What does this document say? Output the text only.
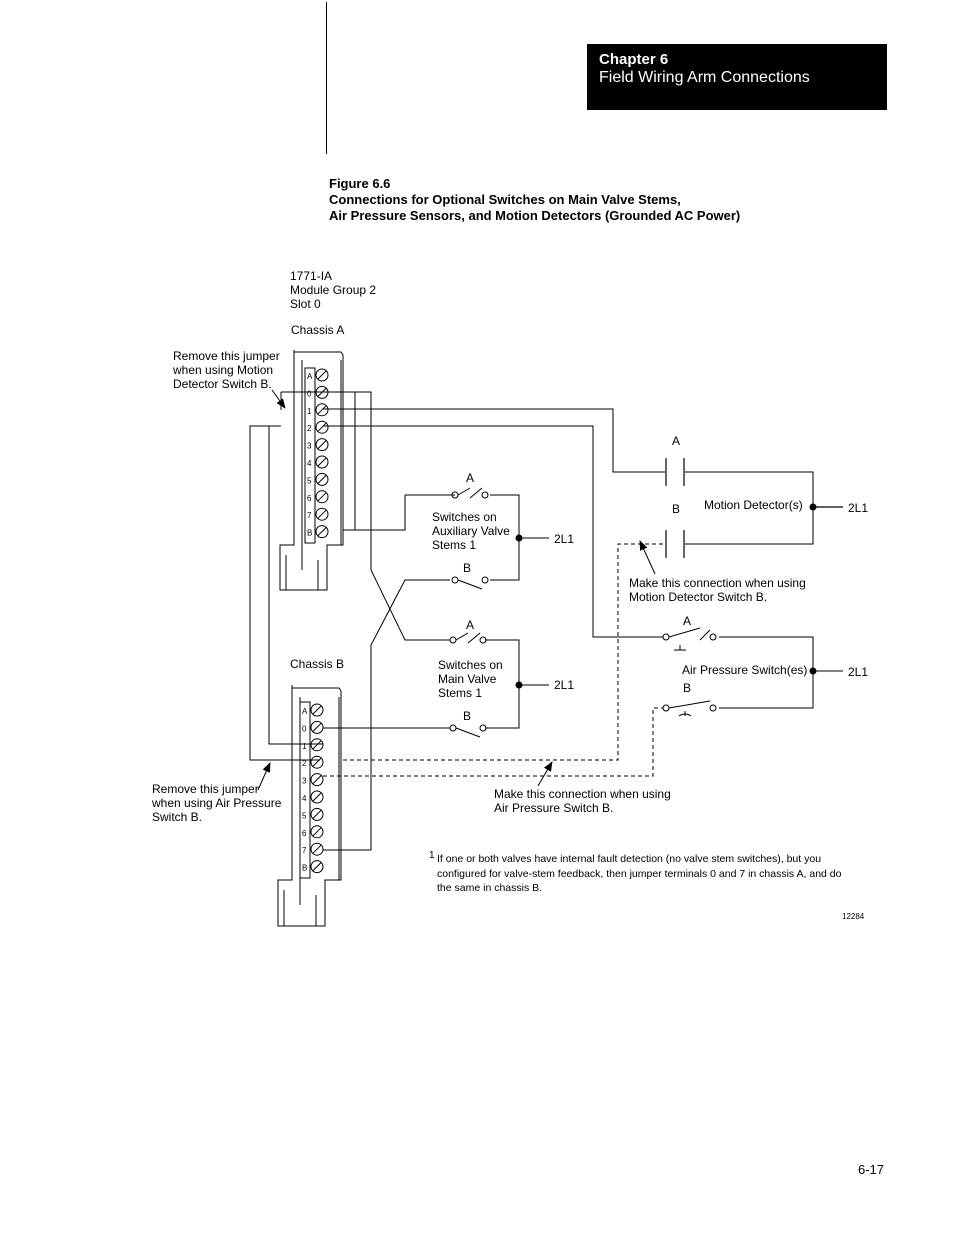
Chapter 6
Field Wiring Arm Connections
Figure 6.6
Connections for Optional Switches on Main Valve Stems,
Air Pressure Sensors, and Motion Detectors (Grounded AC Power)
1771-IA
Module Group 2
Slot 0
Chassis A
Chassis B
A
0
1
2
3
4
5
6
7
B
A
0
1
2
3
4
5
6
7
B
A
B
Switches on
Auxiliary Valve
Stems 1	2L1
A
B
Switches on
Main Valve
Stems 1
2L1
A
B Motion Detector(s)	2L1
A
B
Air Pressure Switch(es)	2L1
Remove this jumper
when using Motion
Detector Switch B.
Remove this jumper
when using Air Pressure
Switch B.
Make this connection when using
Motion Detector Switch B.
Make this connection when using
Air Pressure Switch B.
1 If one or both valves have internal fault detection (no valve stem switches), but you
configured for valve-stem feedback, then jumper terminals 0 and 7 in chassis A, and do
the same in chassis B.
12284
6-17
